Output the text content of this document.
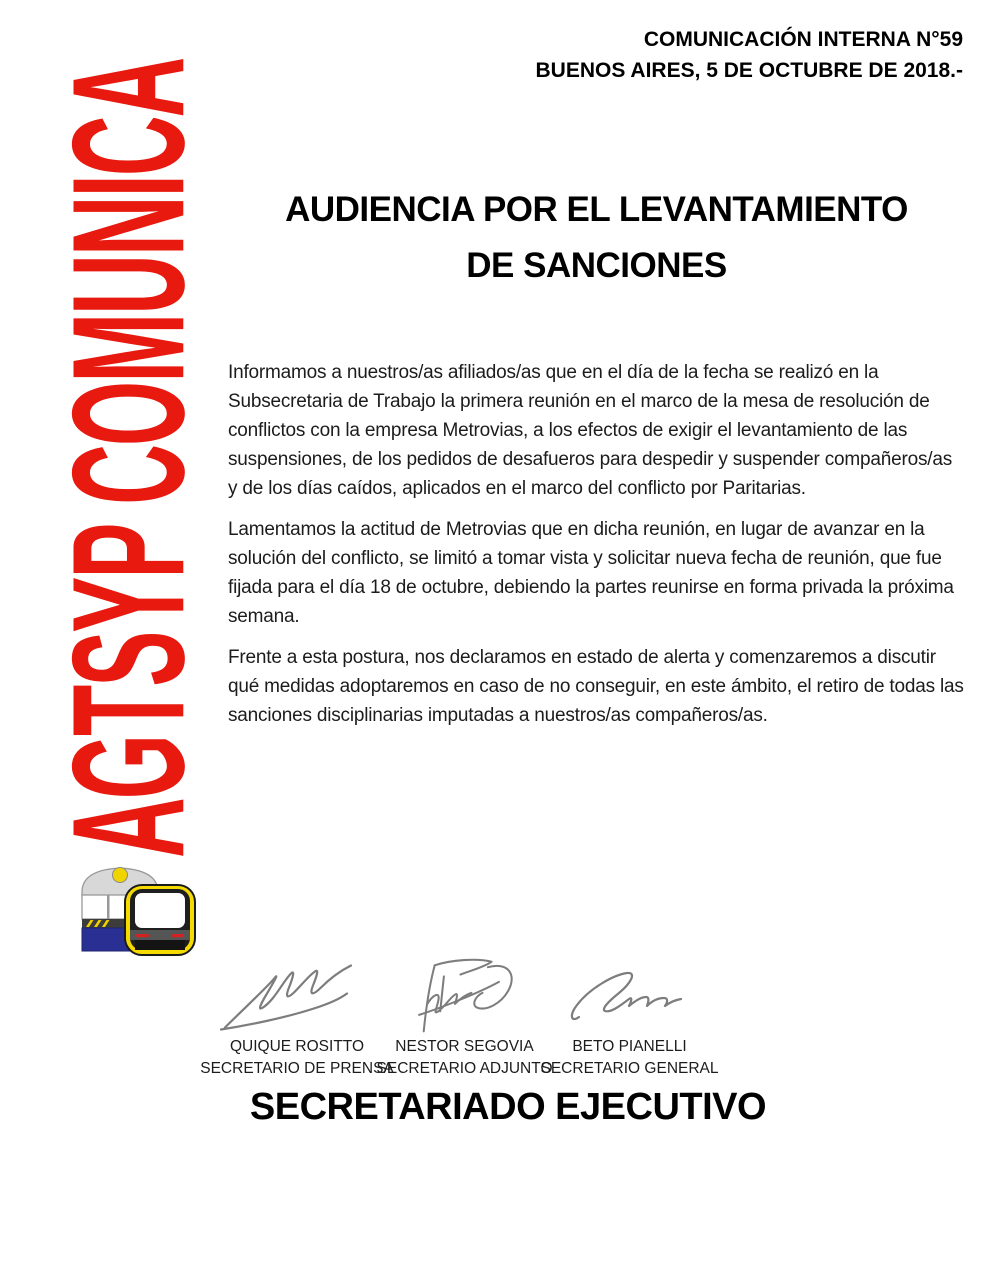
COMUNICACIÓN INTERNA N°59
BUENOS AIRES, 5 DE OCTUBRE DE 2018.-
AGTSYP COMUNICA	AUDIENCIA POR EL LEVANTAMIENTO
DE SANCIONES

Informamos a nuestros/as afiliados/as que en el día de la fecha se realizó en la Subsecretaria de Trabajo la primera reunión en el marco de la mesa de resolución de conflictos con la empresa Metrovias, a los efectos de exigir el levantamiento de las suspensiones, de los pedidos de desafueros para despedir y suspender compañeros/as y de los días caídos, aplicados en el marco del conflicto por Paritarias.

Lamentamos la actitud de Metrovias que en dicha reunión, en lugar de avanzar en la solución del conflicto, se limitó a tomar vista y solicitar nueva fecha de reunión, que fue fijada para el día 18 de octubre, debiendo la partes reunirse en forma privada la próxima semana.

Frente a esta postura, nos declaramos en estado de alerta y comenzaremos a discutir qué medidas adoptaremos en caso de no conseguir, en este ámbito, el retiro de todas las sanciones disciplinarias imputadas a nuestros/as compañeros/as.

QUIQUE ROSITTO
SECRETARIO DE PRENSA
NESTOR SEGOVIA
SECRETARIO ADJUNTO
BETO PIANELLI
SECRETARIO GENERAL
SECRETARIADO EJECUTIVO
